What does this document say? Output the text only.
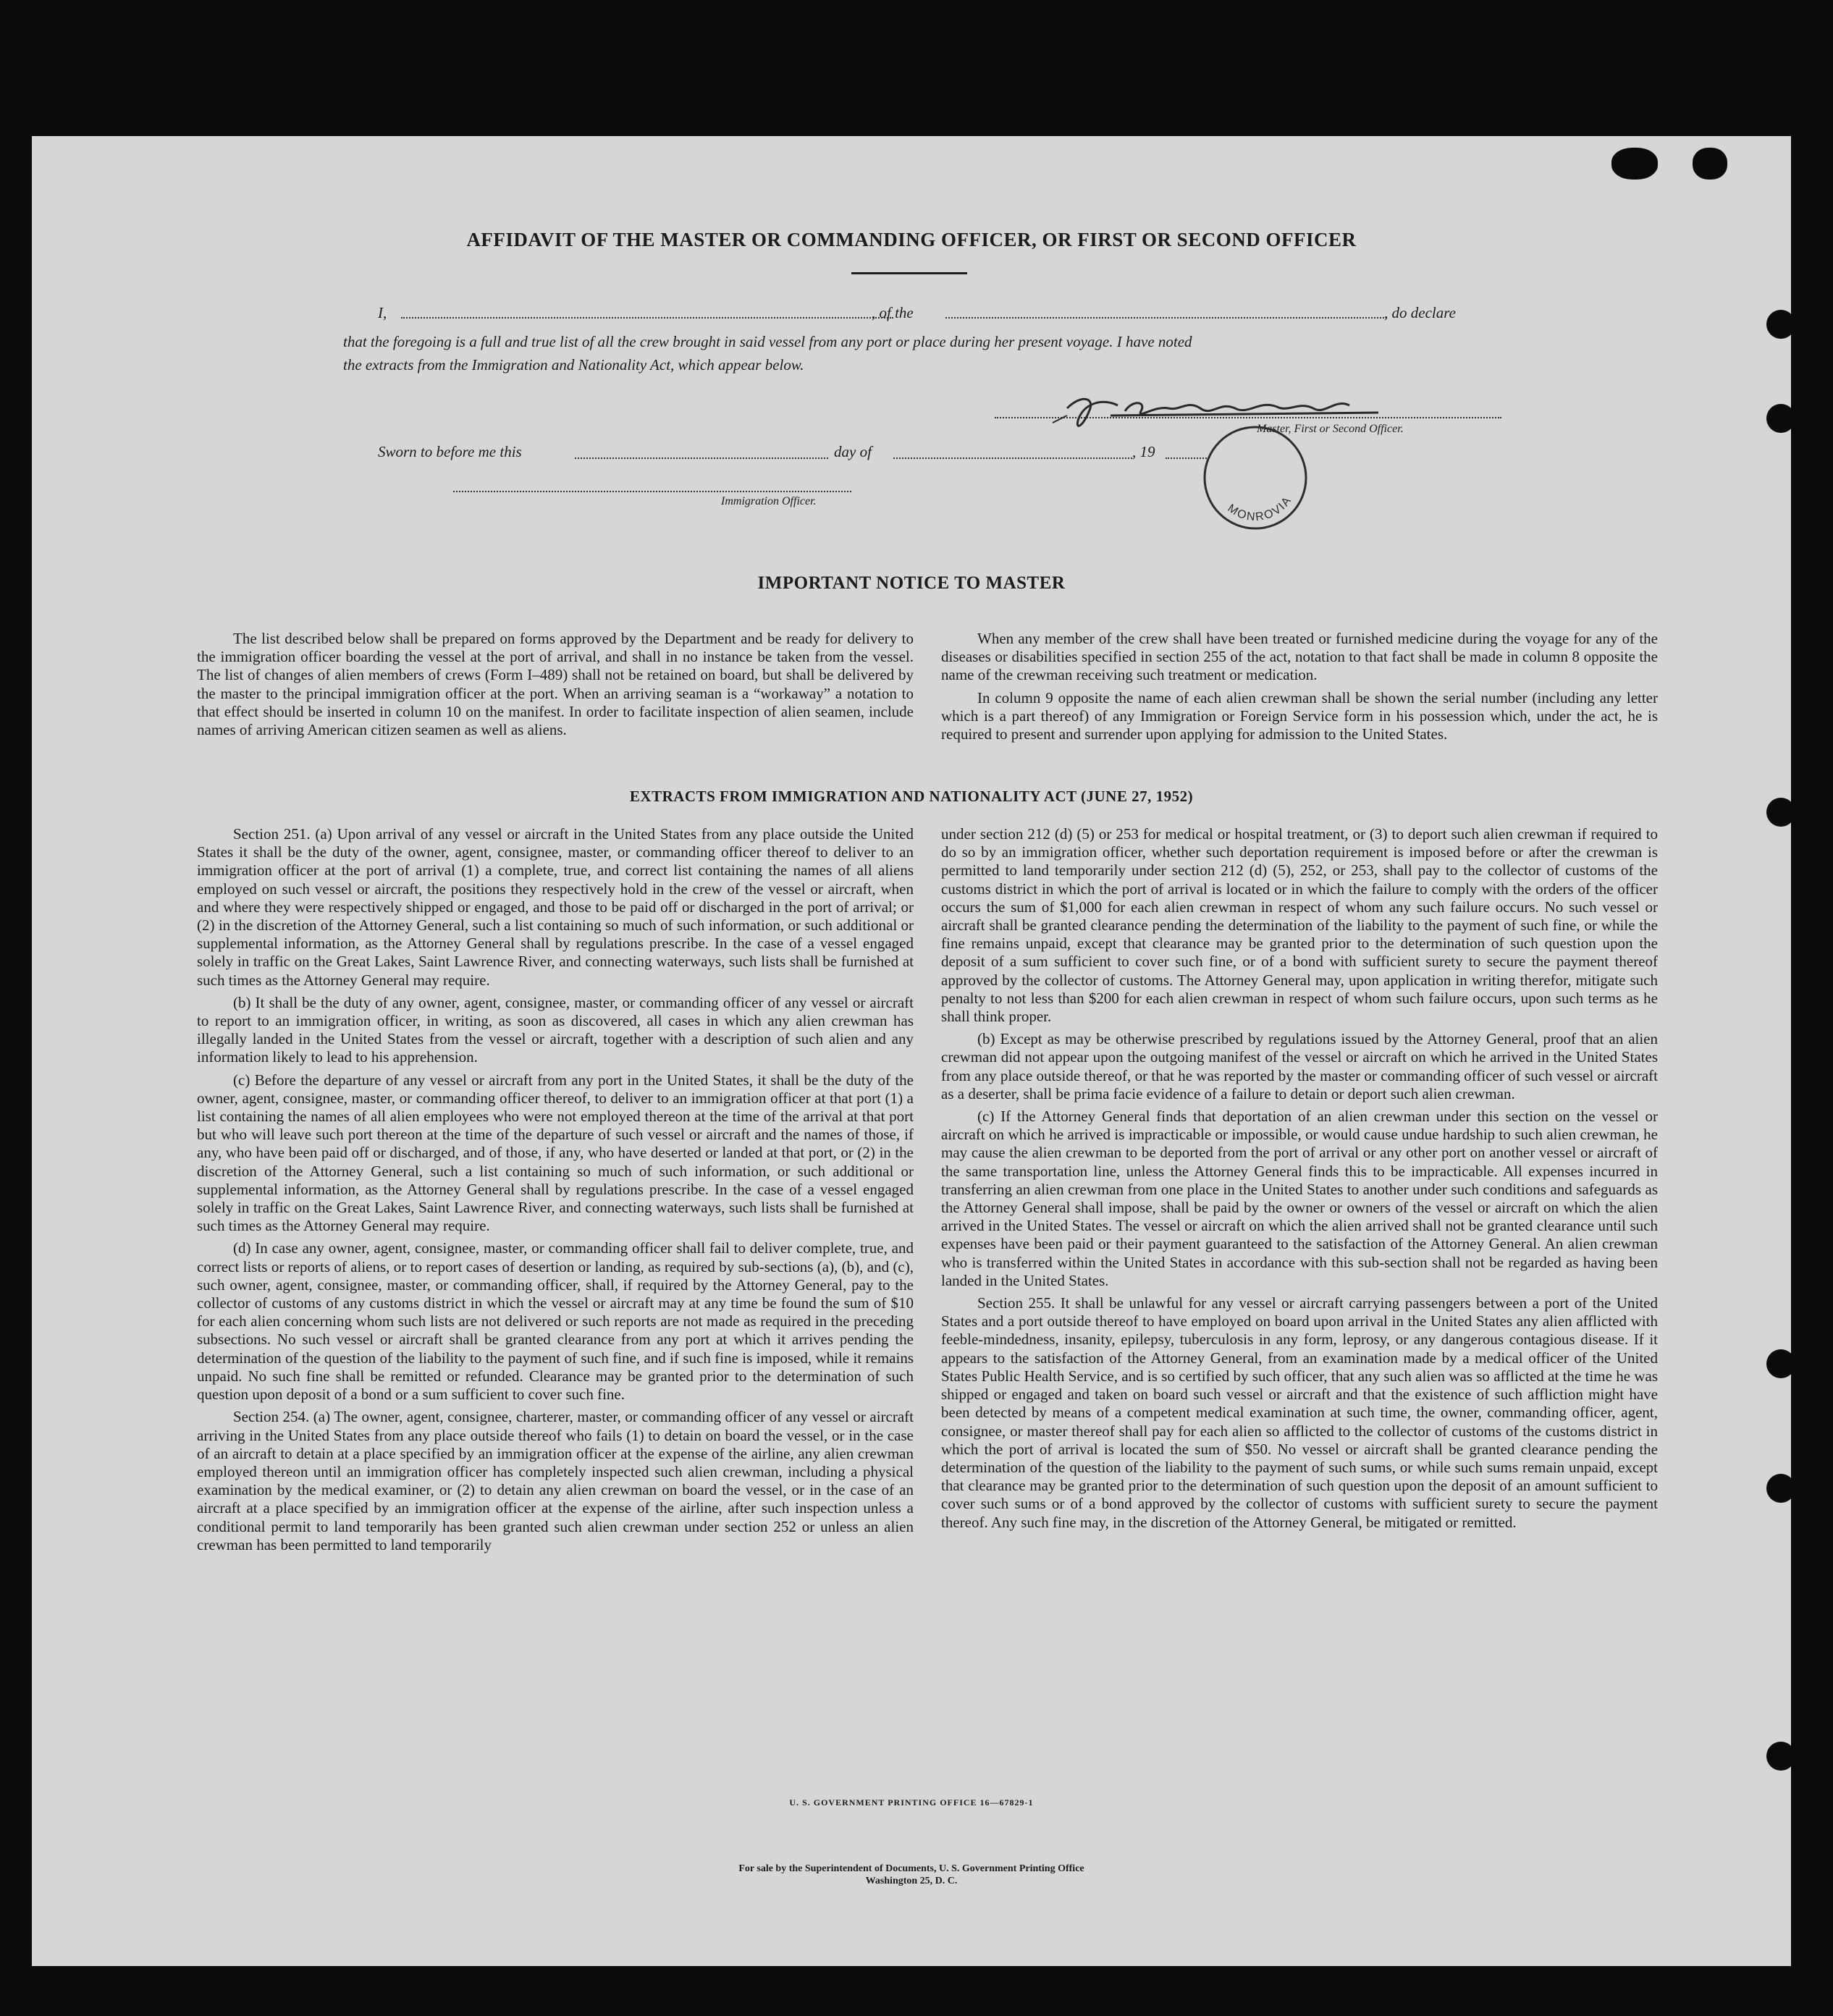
AFFIDAVIT OF THE MASTER OR COMMANDING OFFICER, OR FIRST OR SECOND OFFICER
I,	, of the	, do declare
that the foregoing is a full and true list of all the crew brought in said vessel from any port or place during her present voyage. I have noted
the extracts from the Immigration and Nationality Act, which appear below.
Master, First or Second Officer.
Sworn to before me this	day of	, 19
MONROVIA
Immigration Officer.
IMPORTANT NOTICE TO MASTER

The list described below shall be prepared on forms approved by the Department and be ready for delivery to the immigration officer boarding the vessel at the port of arrival, and shall in no instance be taken from the vessel. The list of changes of alien members of crews (Form I–489) shall not be retained on board, but shall be delivered by the master to the principal immigration officer at the port. When an arriving seaman is a “workaway” a notation to that effect should be inserted in column 10 on the manifest. In order to facilitate inspection of alien seamen, include names of arriving American citizen seamen as well as aliens.

When any member of the crew shall have been treated or furnished medicine during the voyage for any of the diseases or disabilities specified in section 255 of the act, notation to that fact shall be made in column 8 opposite the name of the crewman receiving such treatment or medication.

In column 9 opposite the name of each alien crewman shall be shown the serial number (including any letter which is a part thereof) of any Immigration or Foreign Service form in his possession which, under the act, he is required to present and surrender upon applying for admission to the United States.

EXTRACTS FROM IMMIGRATION AND NATIONALITY ACT (JUNE 27, 1952)

Section 251. (a) Upon arrival of any vessel or aircraft in the United States from any place outside the United States it shall be the duty of the owner, agent, consignee, master, or commanding officer thereof to deliver to an immigration officer at the port of arrival (1) a complete, true, and correct list containing the names of all aliens employed on such vessel or aircraft, the positions they respectively hold in the crew of the vessel or aircraft, when and where they were respectively shipped or engaged, and those to be paid off or discharged in the port of arrival; or (2) in the discretion of the Attorney General, such a list containing so much of such information, or such additional or supplemental information, as the Attorney General shall by regulations prescribe. In the case of a vessel engaged solely in traffic on the Great Lakes, Saint Lawrence River, and connecting waterways, such lists shall be furnished at such times as the Attorney General may require.

(b) It shall be the duty of any owner, agent, consignee, master, or commanding officer of any vessel or aircraft to report to an immigration officer, in writing, as soon as discovered, all cases in which any alien crewman has illegally landed in the United States from the vessel or aircraft, together with a description of such alien and any information likely to lead to his apprehension.

(c) Before the departure of any vessel or aircraft from any port in the United States, it shall be the duty of the owner, agent, consignee, master, or commanding officer thereof, to deliver to an immigration officer at that port (1) a list containing the names of all alien employees who were not employed thereon at the time of the arrival at that port but who will leave such port thereon at the time of the departure of such vessel or aircraft and the names of those, if any, who have been paid off or discharged, and of those, if any, who have deserted or landed at that port, or (2) in the discretion of the Attorney General, such a list containing so much of such information, or such additional or supplemental information, as the Attorney General shall by regulations prescribe. In the case of a vessel engaged solely in traffic on the Great Lakes, Saint Lawrence River, and connecting waterways, such lists shall be furnished at such times as the Attorney General may require.

(d) In case any owner, agent, consignee, master, or commanding officer shall fail to deliver complete, true, and correct lists or reports of aliens, or to report cases of desertion or landing, as required by sub-sections (a), (b), and (c), such owner, agent, consignee, master, or commanding officer, shall, if required by the Attorney General, pay to the collector of customs of any customs district in which the vessel or aircraft may at any time be found the sum of $10 for each alien concerning whom such lists are not delivered or such reports are not made as required in the preceding subsections. No such vessel or aircraft shall be granted clearance from any port at which it arrives pending the determination of the question of the liability to the payment of such fine, and if such fine is imposed, while it remains unpaid. No such fine shall be remitted or refunded. Clearance may be granted prior to the determination of such question upon deposit of a bond or a sum sufficient to cover such fine.

Section 254. (a) The owner, agent, consignee, charterer, master, or commanding officer of any vessel or aircraft arriving in the United States from any place outside thereof who fails (1) to detain on board the vessel, or in the case of an aircraft to detain at a place specified by an immigration officer at the expense of the airline, any alien crewman employed thereon until an immigration officer has completely inspected such alien crewman, including a physical examination by the medical examiner, or (2) to detain any alien crewman on board the vessel, or in the case of an aircraft at a place specified by an immigration officer at the expense of the airline, after such inspection unless a conditional permit to land temporarily has been granted such alien crewman under section 252 or unless an alien crewman has been permitted to land temporarily

under section 212 (d) (5) or 253 for medical or hospital treatment, or (3) to deport such alien crewman if required to do so by an immigration officer, whether such deportation requirement is imposed before or after the crewman is permitted to land temporarily under section 212 (d) (5), 252, or 253, shall pay to the collector of customs of the customs district in which the port of arrival is located or in which the failure to comply with the orders of the officer occurs the sum of $1,000 for each alien crewman in respect of whom any such failure occurs. No such vessel or aircraft shall be granted clearance pending the determination of the liability to the payment of such fine, or while the fine remains unpaid, except that clearance may be granted prior to the determination of such question upon the deposit of a sum sufficient to cover such fine, or of a bond with sufficient surety to secure the payment thereof approved by the collector of customs. The Attorney General may, upon application in writing therefor, mitigate such penalty to not less than $200 for each alien crewman in respect of whom such failure occurs, upon such terms as he shall think proper.

(b) Except as may be otherwise prescribed by regulations issued by the Attorney General, proof that an alien crewman did not appear upon the outgoing manifest of the vessel or aircraft on which he arrived in the United States from any place outside thereof, or that he was reported by the master or commanding officer of such vessel or aircraft as a deserter, shall be prima facie evidence of a failure to detain or deport such alien crewman.

(c) If the Attorney General finds that deportation of an alien crewman under this section on the vessel or aircraft on which he arrived is impracticable or impossible, or would cause undue hardship to such alien crewman, he may cause the alien crewman to be deported from the port of arrival or any other port on another vessel or aircraft of the same transportation line, unless the Attorney General finds this to be impracticable. All expenses incurred in transferring an alien crewman from one place in the United States to another under such conditions and safeguards as the Attorney General shall impose, shall be paid by the owner or owners of the vessel or aircraft on which the alien arrived in the United States. The vessel or aircraft on which the alien arrived shall not be granted clearance until such expenses have been paid or their payment guaranteed to the satisfaction of the Attorney General. An alien crewman who is transferred within the United States in accordance with this sub-section shall not be regarded as having been landed in the United States.

Section 255. It shall be unlawful for any vessel or aircraft carrying passengers between a port of the United States and a port outside thereof to have employed on board upon arrival in the United States any alien afflicted with feeble-mindedness, insanity, epilepsy, tuberculosis in any form, leprosy, or any dangerous contagious disease. If it appears to the satisfaction of the Attorney General, from an examination made by a medical officer of the United States Public Health Service, and is so certified by such officer, that any such alien was so afflicted at the time he was shipped or engaged and taken on board such vessel or aircraft and that the existence of such affliction might have been detected by means of a competent medical examination at such time, the owner, commanding officer, agent, consignee, or master thereof shall pay for each alien so afflicted to the collector of customs of the customs district in which the port of arrival is located the sum of $50. No vessel or aircraft shall be granted clearance pending the determination of the question of the liability to the payment of such sums, or while such sums remain unpaid, except that clearance may be granted prior to the determination of such question upon the deposit of an amount sufficient to cover such sums or of a bond approved by the collector of customs with sufficient surety to secure the payment thereof. Any such fine may, in the discretion of the Attorney General, be mitigated or remitted.

U. S. GOVERNMENT PRINTING OFFICE 16—67829-1
For sale by the Superintendent of Documents, U. S. Government Printing Office
Washington 25, D. C.
